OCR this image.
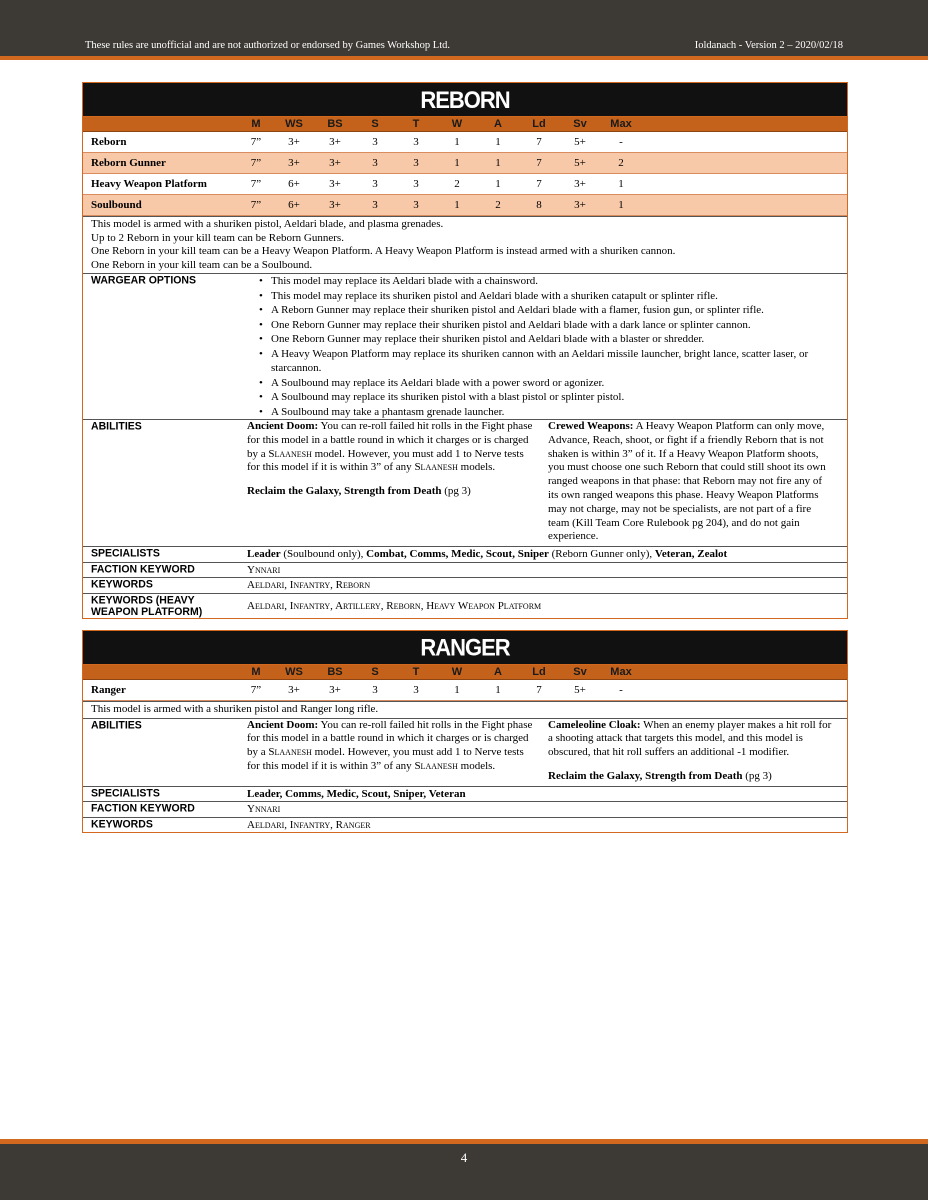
These rules are unofficial and are not authorized or endorsed by Games Workshop Ltd.	Ioldanach - Version 2 – 2020/02/18
REBORN
M	WS	BS	S	T	W	A	Ld	Sv	Max
Reborn	7”	3+	3+	3	3	1	1	7	5+	-
Reborn Gunner	7”	3+	3+	3	3	1	1	7	5+	2
Heavy Weapon Platform	7”	6+	3+	3	3	2	1	7	3+	1
Soulbound	7”	6+	3+	3	3	1	2	8	3+	1
This model is armed with a shuriken pistol, Aeldari blade, and plasma grenades.
Up to 2 Reborn in your kill team can be Reborn Gunners.
One Reborn in your kill team can be a Heavy Weapon Platform. A Heavy Weapon Platform is instead armed with a shuriken cannon.
One Reborn in your kill team can be a Soulbound.
WARGEAR OPTIONS
•	This model may replace its Aeldari blade with a chainsword.
• This model may replace its shuriken pistol and Aeldari blade with a shuriken catapult or splinter rifle.
• A Reborn Gunner may replace their shuriken pistol and Aeldari blade with a flamer, fusion gun, or splinter rifle.
• One Reborn Gunner may replace their shuriken pistol and Aeldari blade with a dark lance or splinter cannon.
• One Reborn Gunner may replace their shuriken pistol and Aeldari blade with a blaster or shredder.
• A Heavy Weapon Platform may replace its shuriken cannon with an Aeldari missile launcher, bright lance, scatter laser, or starcannon.
• A Soulbound may replace its Aeldari blade with a power sword or agonizer.
• A Soulbound may replace its shuriken pistol with a blast pistol or splinter pistol.
• A Soulbound may take a phantasm grenade launcher.
ABILITIES	Ancient Doom: You can re-roll failed hit rolls in the Fight phase for this model in a battle round in which it charges or is charged by a Slaanesh model. However, you must add 1 to Nerve tests for this model if it is within 3” of any Slaanesh models.
Reclaim the Galaxy, Strength from Death (pg 3)
Crewed Weapons: A Heavy Weapon Platform can only move, Advance, Reach, shoot, or fight if a friendly Reborn that is not shaken is within 3” of it. If a Heavy Weapon Platform shoots, you must choose one such Reborn that could still shoot its own ranged weapons in that phase: that Reborn may not fire any of its own ranged weapons this phase. Heavy Weapon Platforms may not charge, may not be specialists, are not part of a fire team (Kill Team Core Rulebook pg 204), and do not gain experience.
SPECIALISTS	Leader (Soulbound only), Combat, Comms, Medic, Scout, Sniper (Reborn Gunner only), Veteran, Zealot
FACTION KEYWORD	Ynnari
KEYWORDS	Aeldari, Infantry, Reborn
KEYWORDS (HEAVY WEAPON PLATFORM)	Aeldari, Infantry, Artillery, Reborn, Heavy Weapon Platform
RANGER
M	WS	BS	S	T	W	A	Ld	Sv	Max
Ranger	7”	3+	3+	3	3	1	1	7	5+	-
This model is armed with a shuriken pistol and Ranger long rifle.
ABILITIES	Ancient Doom: You can re-roll failed hit rolls in the Fight phase for this model in a battle round in which it charges or is charged by a Slaanesh model. However, you must add 1 to Nerve tests for this model if it is within 3” of any Slaanesh models.
Cameleoline Cloak: When an enemy player makes a hit roll for a shooting attack that targets this model, and this model is obscured, that hit roll suffers an additional -1 modifier.
Reclaim the Galaxy, Strength from Death (pg 3)
SPECIALISTS	Leader, Comms, Medic, Scout, Sniper, Veteran
FACTION KEYWORD	Ynnari
KEYWORDS	Aeldari, Infantry, Ranger
4
